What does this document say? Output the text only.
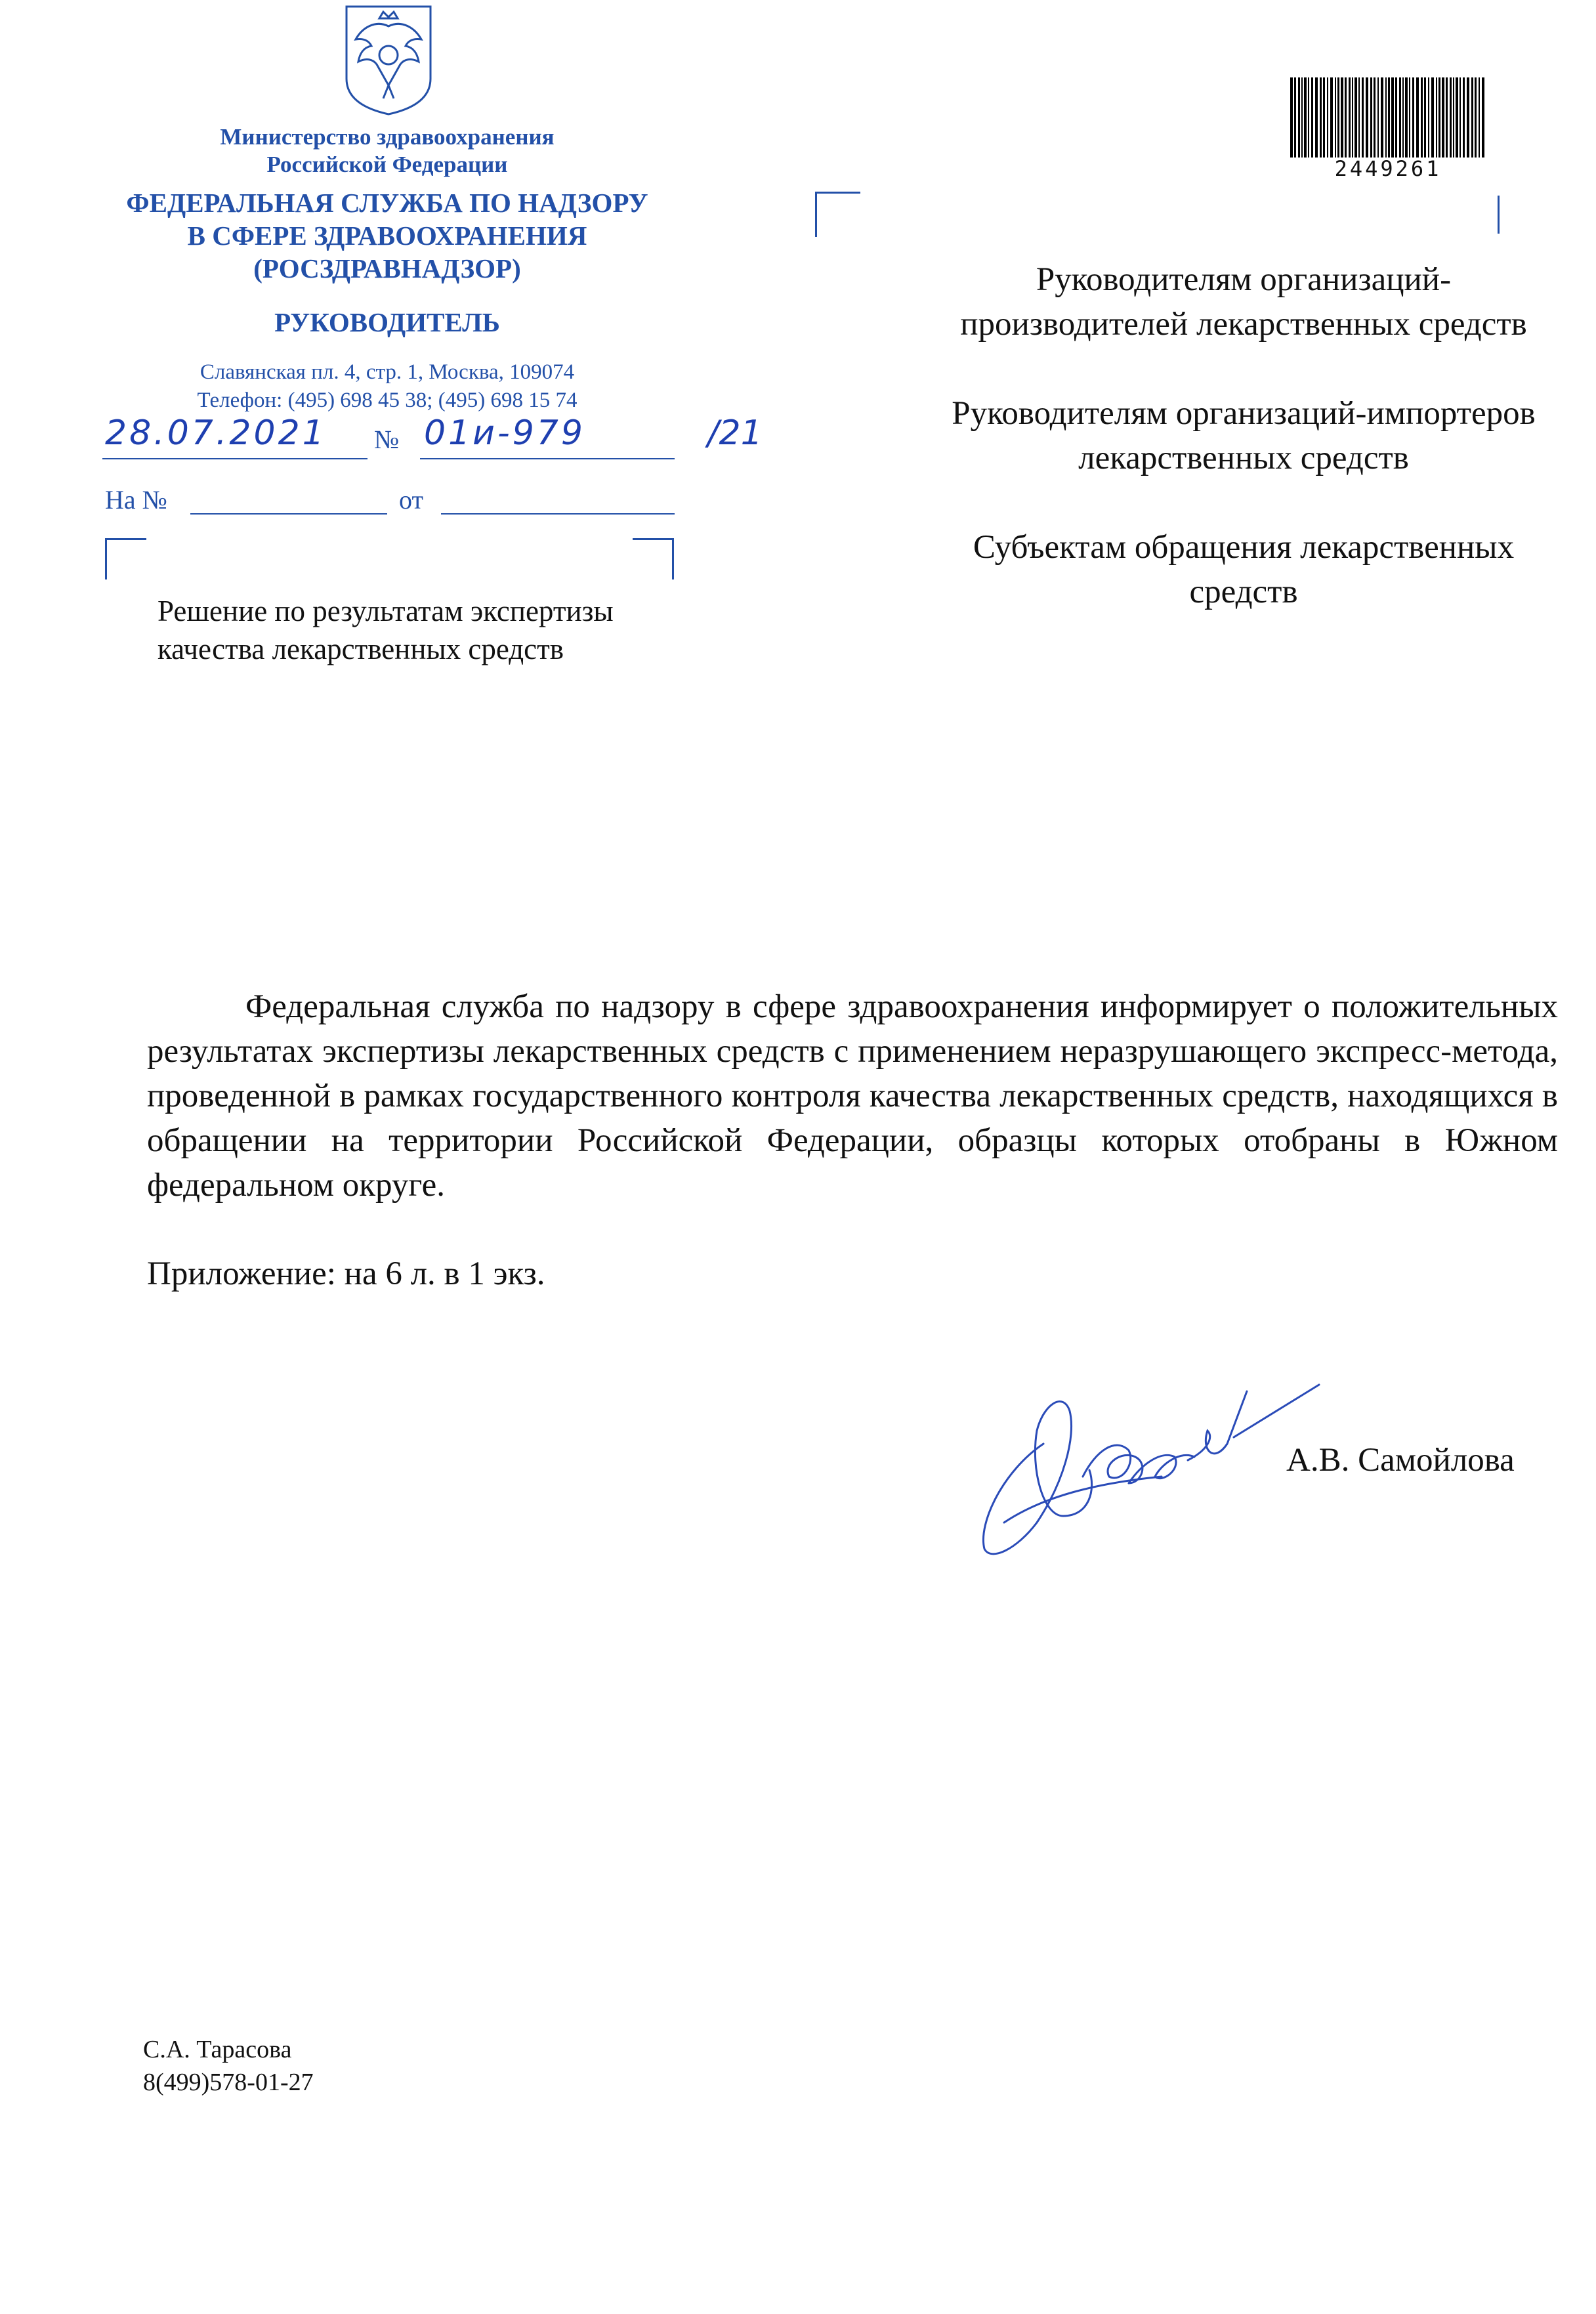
Министерство здравоохранения
Российской Федерации
ФЕДЕРАЛЬНАЯ СЛУЖБА ПО НАДЗОРУ
В СФЕРЕ ЗДРАВООХРАНЕНИЯ
(РОСЗДРАВНАДЗОР)
РУКОВОДИТЕЛЬ
Славянская пл. 4, стр. 1, Москва, 109074
Телефон: (495) 698 45 38; (495) 698 15 74
28.07.2021 № 01и-979	/21
На №	от
Решение по результатам экспертизы
качества лекарственных средств
2449261
Руководителям организаций-производителей лекарственных средств
Руководителям организаций-импортеров лекарственных средств
Субъектам обращения лекарственных средств
Федеральная служба по надзору в сфере здравоохранения информирует о положительных результатах экспертизы лекарственных средств с применением неразрушающего экспресс-метода, проведенной в рамках государственного контроля качества лекарственных средств, находящихся в обращении на территории Российской Федерации, образцы которых отобраны в Южном федеральном округе.
Приложение: на 6 л. в 1 экз.
А.В. Самойлова
С.А. Тарасова
8(499)578-01-27
